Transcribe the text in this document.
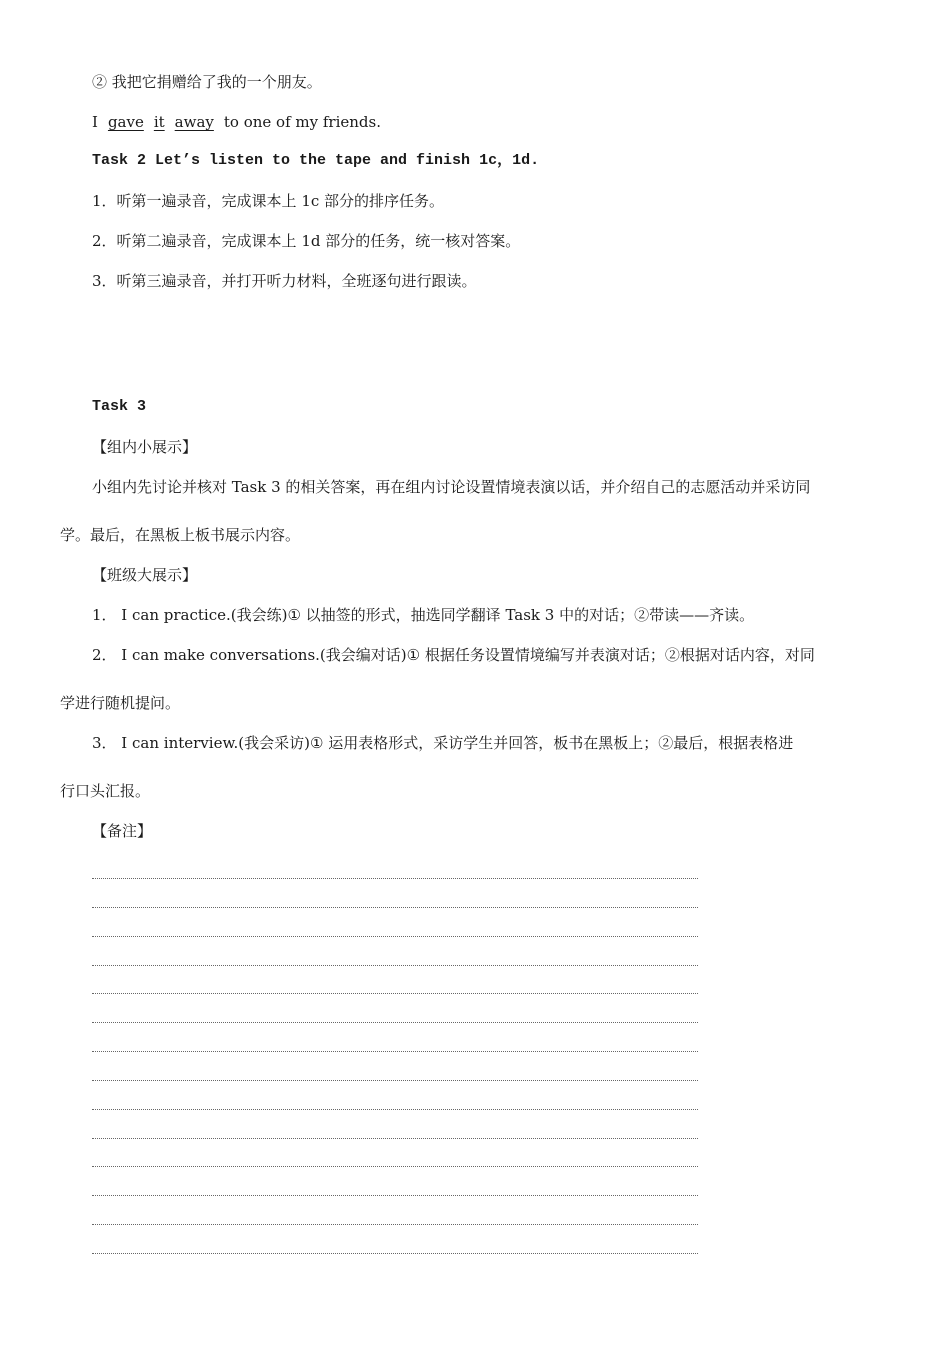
② 我把它捐赠给了我的一个朋友。
I gave it away to one of my friends.
Task 2 Let’s listen to the tape and finish 1c，1d.
1．听第一遍录音，完成课本上 1c 部分的排序任务。
2．听第二遍录音，完成课本上 1d 部分的任务，统一核对答案。
3．听第三遍录音，并打开听力材料，全班逐句进行跟读。
Task 3
【组内小展示】
小组内先讨论并核对 Task 3 的相关答案，再在组内讨论设置情境表演以话，并介绍自己的志愿活动并采访同
学。最后，在黑板上板书展示内容。
【班级大展示】
1． I can practice.(我会练)① 以抽签的形式，抽选同学翻译 Task 3 中的对话；②带读——齐读。
2． I can make conversations.(我会编对话)① 根据任务设置情境编写并表演对话；②根据对话内容，对同
学进行随机提问。
3． I can interview.(我会采访)① 运用表格形式，采访学生并回答，板书在黑板上；②最后，根据表格进
行口头汇报。
【备注】
